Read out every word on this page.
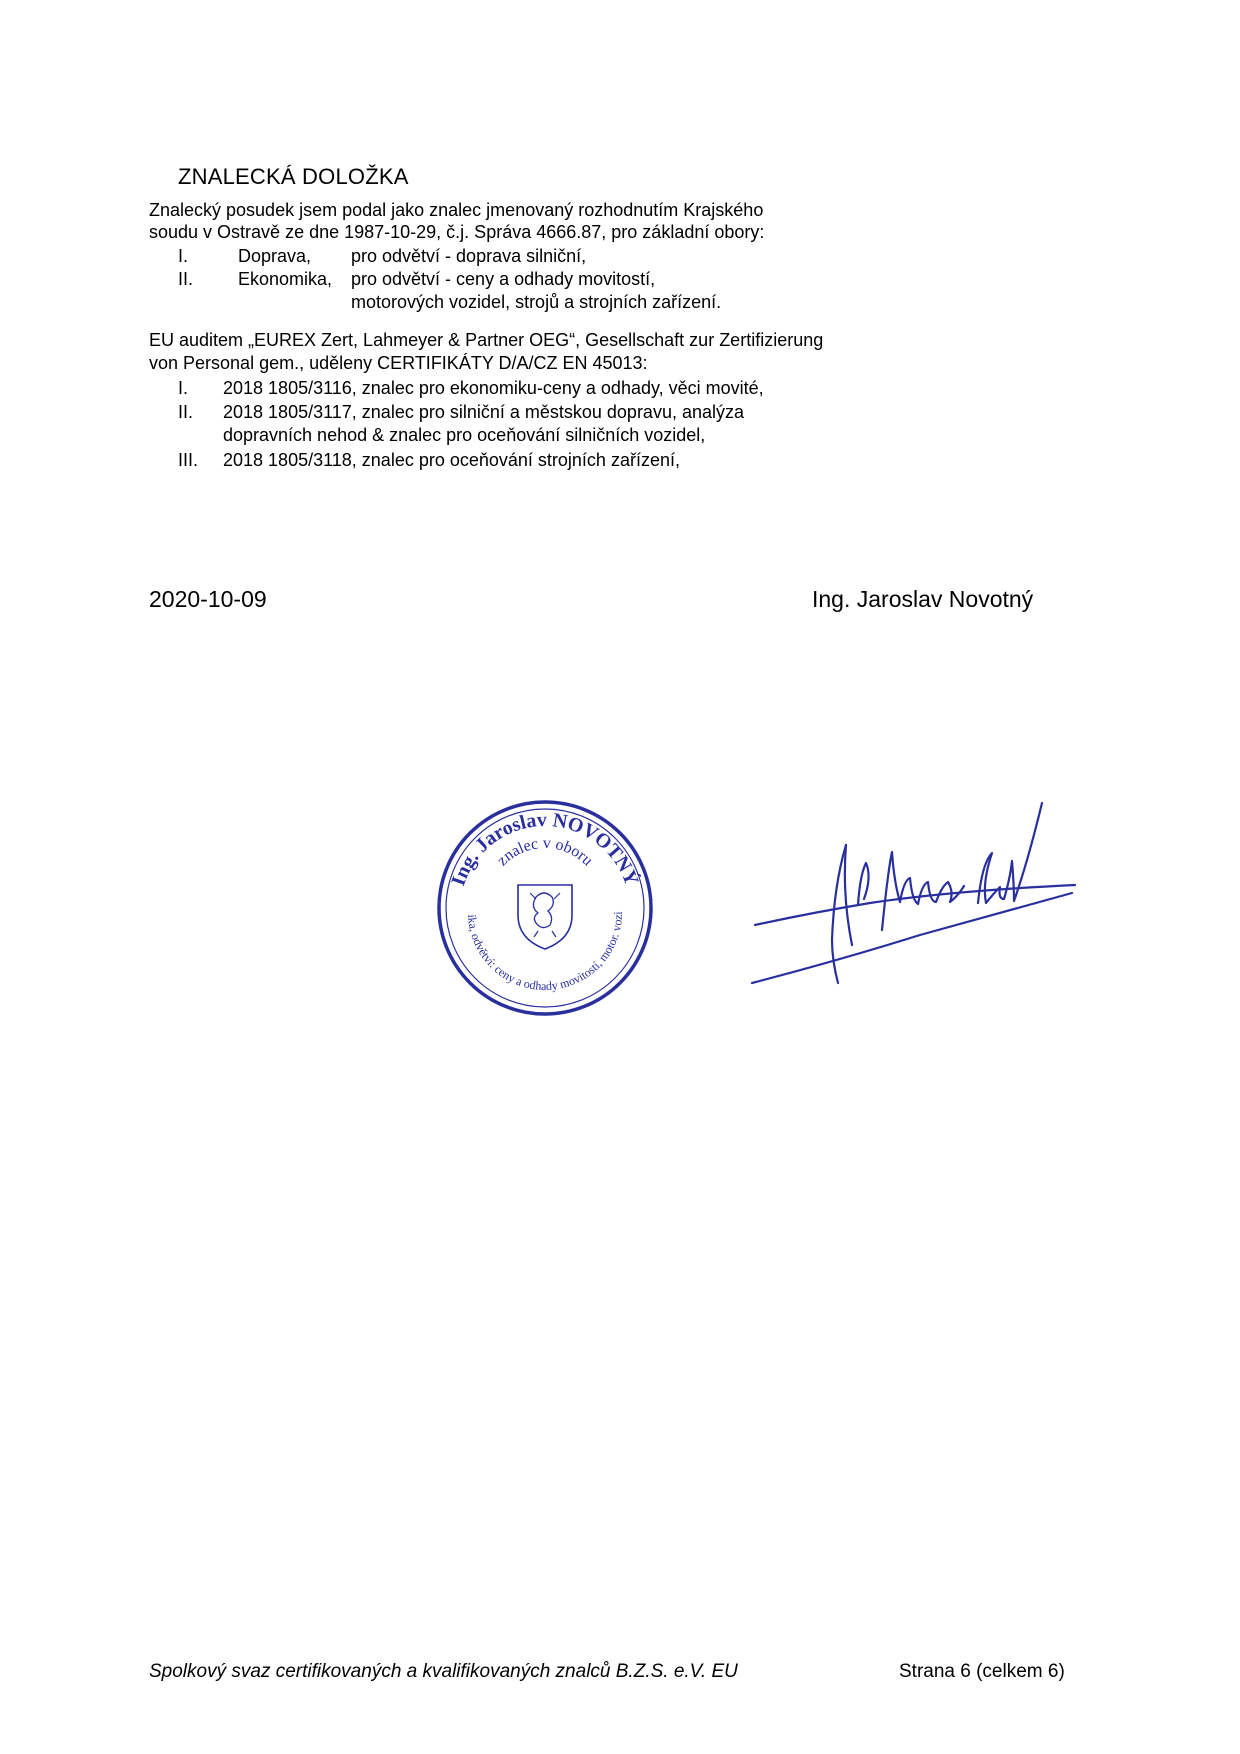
ZNALECKÁ DOLOŽKA
Znalecký posudek jsem podal jako znalec jmenovaný rozhodnutím Krajského
soudu v Ostravě ze dne 1987-10-29, č.j. Správa 4666.87, pro základní obory:
I.	Doprava, pro odvětví - doprava silniční,
II. Ekonomika, pro odvětví - ceny a odhady movitostí,
motorových vozidel, strojů a strojních zařízení.
EU auditem „EUREX Zert, Lahmeyer & Partner OEG“, Gesellschaft zur Zertifizierung
von Personal gem., uděleny CERTIFIKÁTY D/A/CZ EN 45013:
I. 2018 1805/3116, znalec pro ekonomiku-ceny a odhady, věci movité,
II. 2018 1805/3117, znalec pro silniční a městskou dopravu, analýza
dopravních nehod & znalec pro oceňování silničních vozidel,
III. 2018 1805/3118, znalec pro oceňování strojních zařízení,
2020-10-09	Ing. Jaroslav Novotný
Ing. Jaroslav NOVOTNÝ
znalec v oboru
ika, odvětví: ceny a odhady movitostí, motor. vozi
Spolkový svaz certifikovaných a kvalifikovaných znalců B.Z.S. e.V. EU	Strana 6 (celkem 6)
